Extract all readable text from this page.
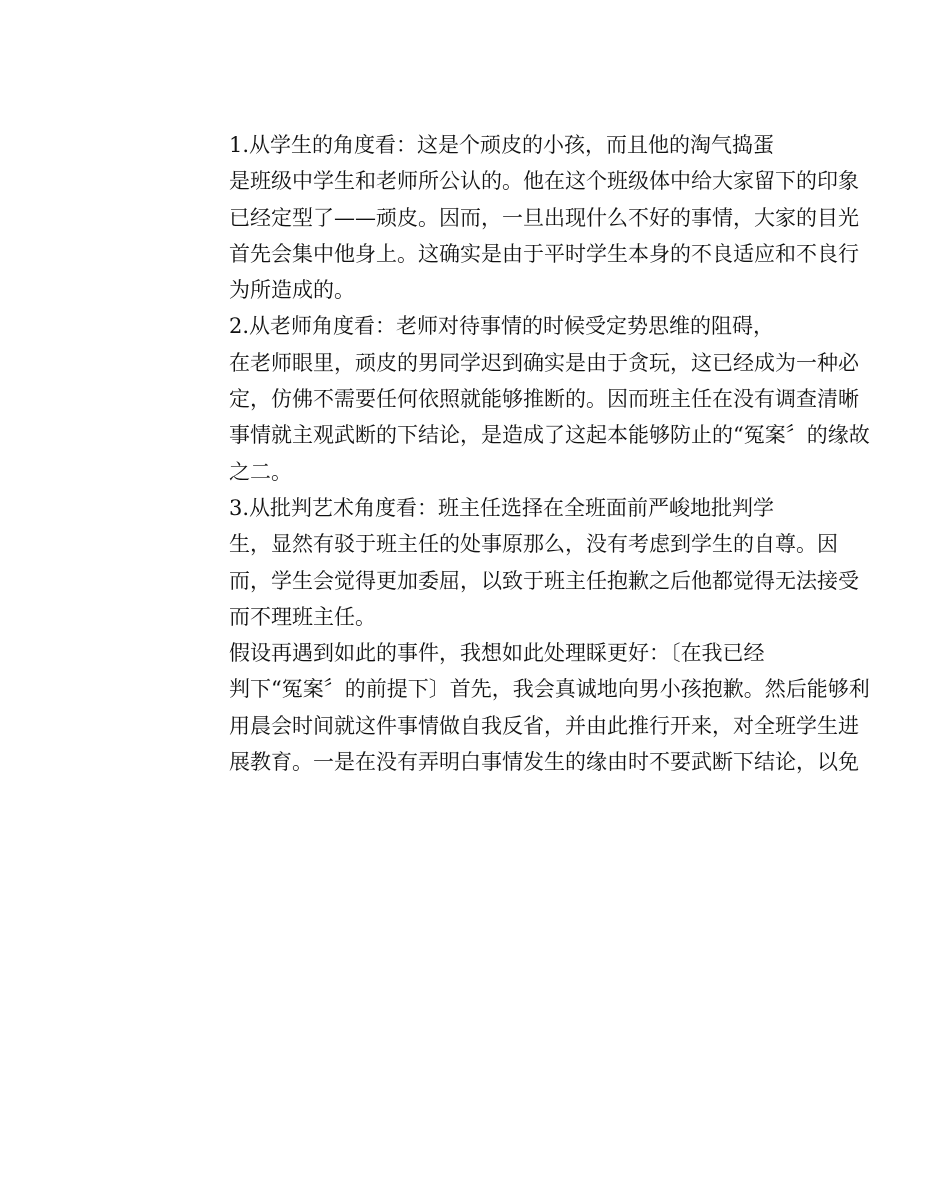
1.从学生的角度看：这是个顽皮的小孩，而且他的淘气捣蛋
是班级中学生和老师所公认的。他在这个班级体中给大家留下的印象
已经定型了——顽皮。因而，一旦出现什么不好的事情，大家的目光
首先会集中他身上。这确实是由于平时学生本身的不良适应和不良行
为所造成的。

2.从老师角度看：老师对待事情的时候受定势思维的阻碍，
在老师眼里，顽皮的男同学迟到确实是由于贪玩，这已经成为一种必
定，仿佛不需要任何依照就能够推断的。因而班主任在没有调查清晰
事情就主观武断的下结论，是造成了这起本能够防止的“冤案〞的缘故
之二。

3.从批判艺术角度看：班主任选择在全班面前严峻地批判学
生，显然有驳于班主任的处事原那么，没有考虑到学生的自尊。因
而，学生会觉得更加委屈，以致于班主任抱歉之后他都觉得无法接受
而不理班主任。

假设再遇到如此的事件，我想如此处理睬更好：〔在我已经
判下“冤案〞的前提下〕首先，我会真诚地向男小孩抱歉。然后能够利
用晨会时间就这件事情做自我反省，并由此推行开来，对全班学生进
展教育。一是在没有弄明白事情发生的缘由时不要武断下结论，以免
